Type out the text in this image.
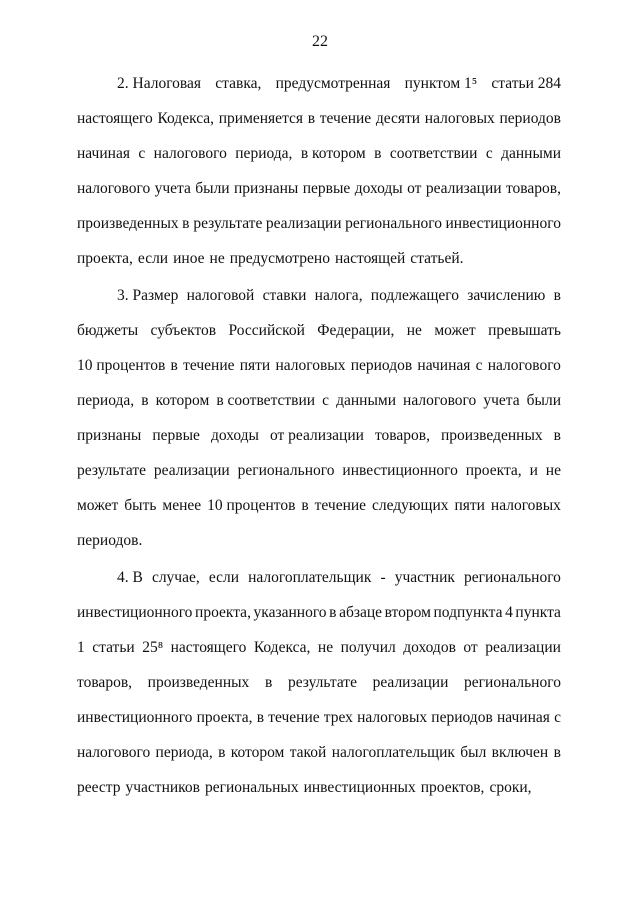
22
2. Налоговая ставка, предусмотренная пунктом 1⁵ статьи 284
настоящего Кодекса, применяется в течение десяти налоговых периодов
начиная с налогового периода, в котором в соответствии с данными
налогового учета были признаны первые доходы от реализации товаров,
произведенных в результате реализации регионального инвестиционного
проекта, если иное не предусмотрено настоящей статьей.
3. Размер налоговой ставки налога, подлежащего зачислению в
бюджеты субъектов Российской Федерации, не может превышать
10 процентов в течение пяти налоговых периодов начиная с налогового
периода, в котором в соответствии с данными налогового учета были
признаны первые доходы от реализации товаров, произведенных в
результате реализации регионального инвестиционного проекта, и не
может быть менее 10 процентов в течение следующих пяти налоговых
периодов.
4. В случае, если налогоплательщик - участник регионального
инвестиционного проекта, указанного в абзаце втором подпункта 4 пункта
1 статьи 25⁸ настоящего Кодекса, не получил доходов от реализации
товаров, произведенных в результате реализации регионального
инвестиционного проекта, в течение трех налоговых периодов начиная с
налогового периода, в котором такой налогоплательщик был включен в
реестр участников региональных инвестиционных проектов, сроки,
